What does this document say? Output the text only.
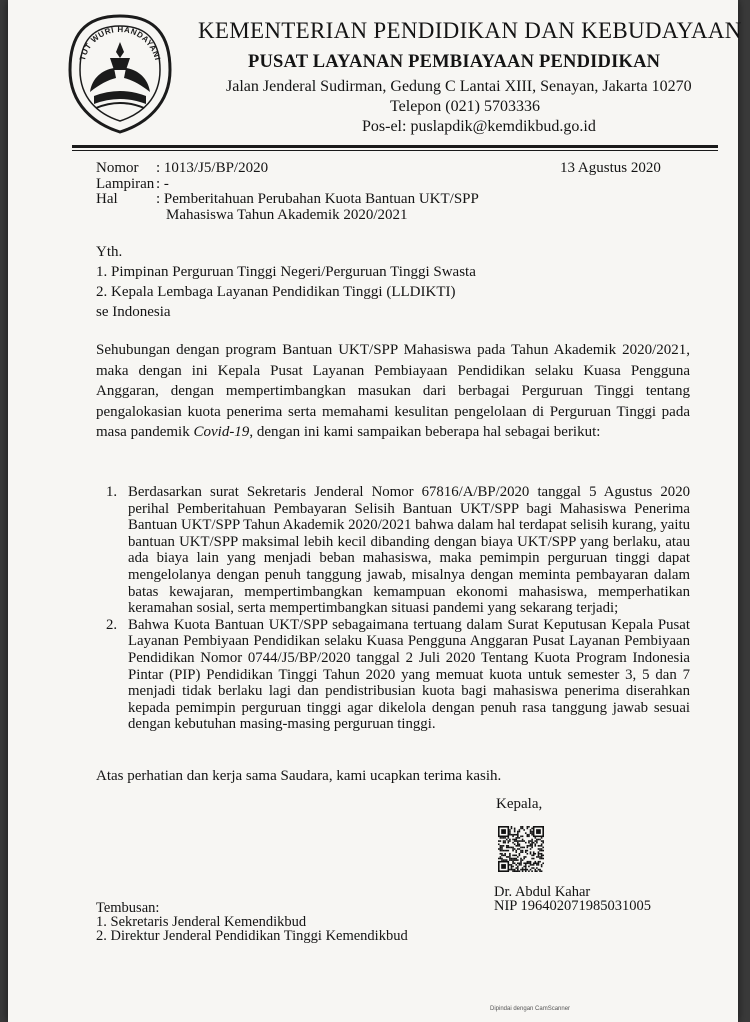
TUT WURI HANDAYANI
KEMENTERIAN PENDIDIKAN DAN KEBUDAYAAN
PUSAT LAYANAN PEMBIAYAAN PENDIDIKAN
Jalan Jenderal Sudirman, Gedung C Lantai XIII, Senayan, Jakarta 10270
Telepon (021) 5703336
Pos-el: puslapdik@kemdikbud.go.id
Nomor : 1013/J5/BP/2020
Lampiran : -
Hal	: Pemberitahuan Perubahan Kuota Bantuan UKT/SPP
Mahasiswa Tahun Akademik 2020/2021
13 Agustus 2020
Yth.
1. Pimpinan Perguruan Tinggi Negeri/Perguruan Tinggi Swasta
2. Kepala Lembaga Layanan Pendidikan Tinggi (LLDIKTI)
se Indonesia
Sehubungan dengan program Bantuan UKT/SPP Mahasiswa pada Tahun Akademik 2020/2021, maka dengan ini Kepala Pusat Layanan Pembiayaan Pendidikan selaku Kuasa Pengguna Anggaran, dengan mempertimbangkan masukan dari berbagai Perguruan Tinggi tentang pengalokasian kuota penerima serta memahami kesulitan pengelolaan di Perguruan Tinggi pada masa pandemik Covid-19, dengan ini kami sampaikan beberapa hal sebagai berikut:
1. Berdasarkan surat Sekretaris Jenderal Nomor 67816/A/BP/2020 tanggal 5 Agustus 2020 perihal Pemberitahuan Pembayaran Selisih Bantuan UKT/SPP bagi Mahasiswa Penerima Bantuan UKT/SPP Tahun Akademik 2020/2021 bahwa dalam hal terdapat selisih kurang, yaitu bantuan UKT/SPP maksimal lebih kecil dibanding dengan biaya UKT/SPP yang berlaku, atau ada biaya lain yang menjadi beban mahasiswa, maka pemimpin perguruan tinggi dapat mengelolanya dengan penuh tanggung jawab, misalnya dengan meminta pembayaran dalam batas kewajaran, mempertimbangkan kemampuan ekonomi mahasiswa, memperhatikan keramahan sosial, serta mempertimbangkan situasi pandemi yang sekarang terjadi;
2. Bahwa Kuota Bantuan UKT/SPP sebagaimana tertuang dalam Surat Keputusan Kepala Pusat Layanan Pembiyaan Pendidikan selaku Kuasa Pengguna Anggaran Pusat Layanan Pembiyaan Pendidikan Nomor 0744/J5/BP/2020 tanggal 2 Juli 2020 Tentang Kuota Program Indonesia Pintar (PIP) Pendidikan Tinggi Tahun 2020 yang memuat kuota untuk semester 3, 5 dan 7 menjadi tidak berlaku lagi dan pendistribusian kuota bagi mahasiswa penerima diserahkan kepada pemimpin perguruan tinggi agar dikelola dengan penuh rasa tanggung jawab sesuai dengan kebutuhan masing-masing perguruan tinggi.
Atas perhatian dan kerja sama Saudara, kami ucapkan terima kasih.
Kepala,
Dr. Abdul Kahar
NIP 196402071985031005
Tembusan:
1. Sekretaris Jenderal Kemendikbud
2. Direktur Jenderal Pendidikan Tinggi Kemendikbud
Dipindai dengan CamScanner
